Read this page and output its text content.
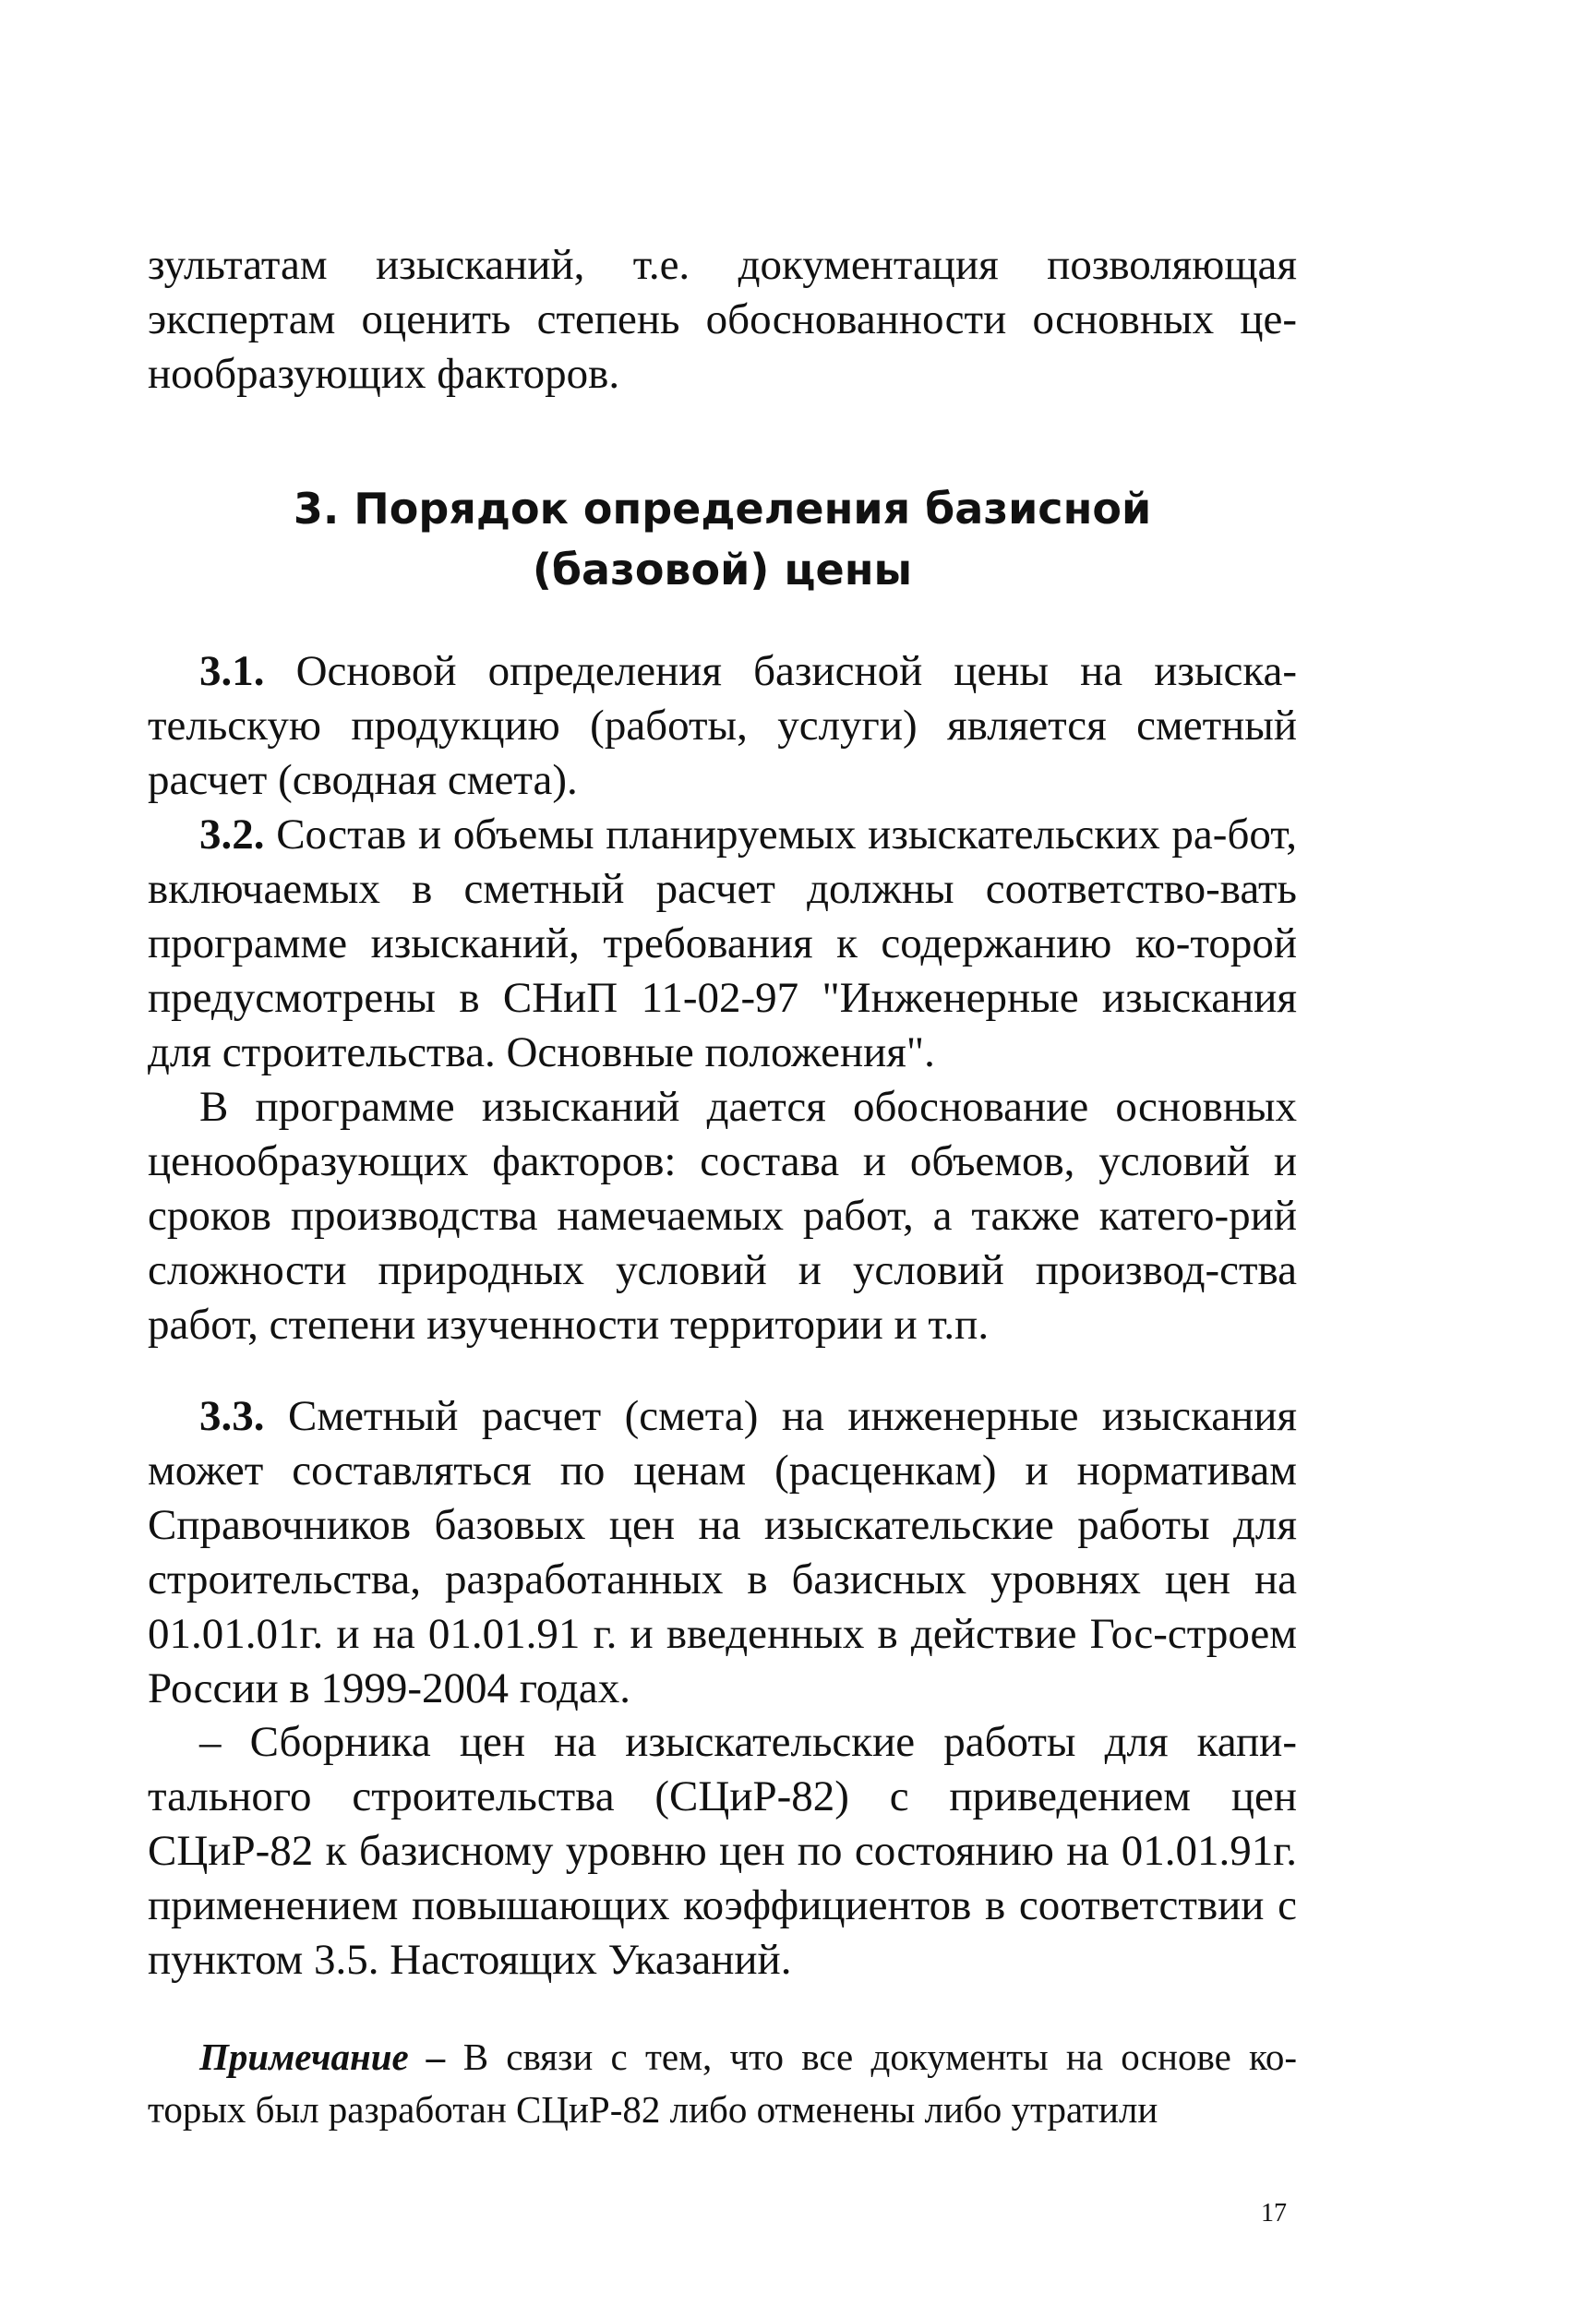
зультатам изысканий, т.е. документация позволяющая экспертам оценить степень обоснованности основных це-нообразующих факторов.

3. Порядок определения базисной
(базовой) цены

3.1. Основой определения базисной цены на изыска-тельскую продукцию (работы, услуги) является сметный расчет (сводная смета).

3.2. Состав и объемы планируемых изыскательских ра-бот, включаемых в сметный расчет должны соответство-вать программе изысканий, требования к содержанию ко-торой предусмотрены в СНиП 11-02-97 "Инженерные изыскания для строительства. Основные положения".

В программе изысканий дается обоснование основных ценообразующих факторов: состава и объемов, условий и сроков производства намечаемых работ, а также катего-рий сложности природных условий и условий производ-ства работ, степени изученности территории и т.п.

3.3. Сметный расчет (смета) на инженерные изыскания может составляться по ценам (расценкам) и нормативам Справочников базовых цен на изыскательские работы для строительства, разработанных в базисных уровнях цен на 01.01.01г. и на 01.01.91 г. и введенных в действие Гос-строем России в 1999-2004 годах.

– Сборника цен на изыскательские работы для капи-тального строительства (СЦиР-82) с приведением цен СЦиР-82 к базисному уровню цен по состоянию на 01.01.91г. применением повышающих коэффициентов в соответствии с пунктом 3.5. Настоящих Указаний.

Примечание – В связи с тем, что все документы на основе ко-торых был разработан СЦиР-82 либо отменены либо утратили

17
